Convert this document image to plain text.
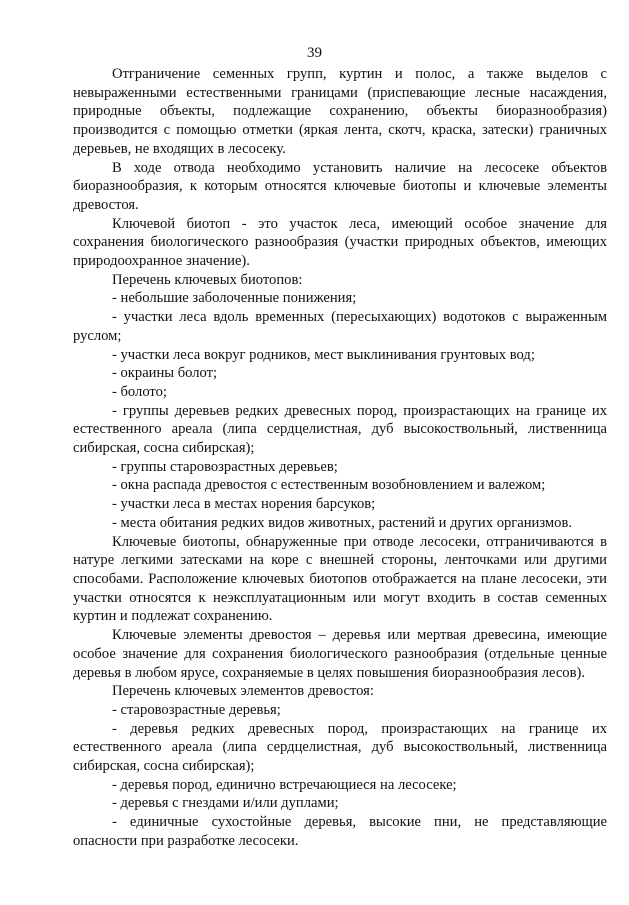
39

Отграничение семенных групп, куртин и полос, а также выделов с невыраженными естественными границами (приспевающие лесные насаждения, природные объекты, подлежащие сохранению, объекты биоразнообразия) производится с помощью отметки (яркая лента, скотч, краска, затески) граничных деревьев, не входящих в лесосеку.

В ходе отвода необходимо установить наличие на лесосеке объектов биоразнообразия, к которым относятся ключевые биотопы и ключевые элементы древостоя.

Ключевой биотоп - это участок леса, имеющий особое значение для сохранения биологического разнообразия (участки природных объектов, имеющих природоохранное значение).

Перечень ключевых биотопов:

- небольшие заболоченные понижения;

- участки леса вдоль временных (пересыхающих) водотоков с выраженным руслом;

- участки леса вокруг родников, мест выклинивания грунтовых вод;

- окраины болот;

- болото;

- группы деревьев редких древесных пород, произрастающих на границе их естественного ареала (липа сердцелистная, дуб высокоствольный, лиственница сибирская, сосна сибирская);

- группы старовозрастных деревьев;

- окна распада древостоя с естественным возобновлением и валежом;

- участки леса в местах норения барсуков;

- места обитания редких видов животных, растений и других организмов.

Ключевые биотопы, обнаруженные при отводе лесосеки, отграничиваются в натуре легкими затесками на коре с внешней стороны, ленточками или другими способами. Расположение ключевых биотопов отображается на плане лесосеки, эти участки относятся к неэксплуатационным или могут входить в состав семенных куртин и подлежат сохранению.

Ключевые элементы древостоя – деревья или мертвая древесина, имеющие особое значение для сохранения биологического разнообразия (отдельные ценные деревья в любом ярусе, сохраняемые в целях повышения биоразнообразия лесов).

Перечень ключевых элементов древостоя:

- старовозрастные деревья;

- деревья редких древесных пород, произрастающих на границе их естественного ареала (липа сердцелистная, дуб высокоствольный, лиственница сибирская, сосна сибирская);

- деревья пород, единично встречающиеся на лесосеке;

- деревья с гнездами и/или дуплами;

- единичные сухостойные деревья, высокие пни, не представляющие опасности при разработке лесосеки.
